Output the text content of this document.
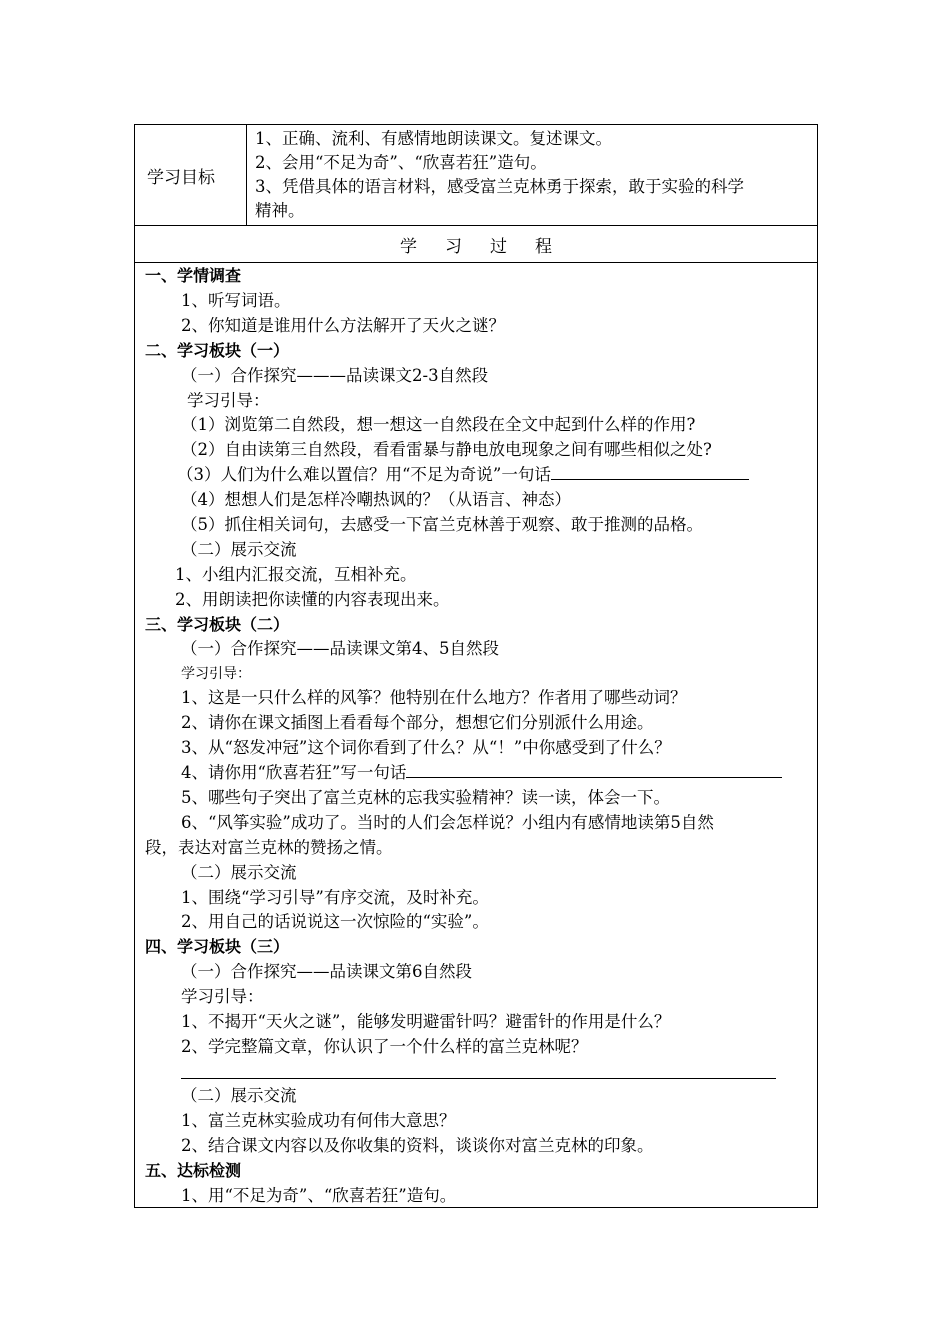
学习目标
1、正确、流利、有感情地朗读课文。复述课文。
2、会用“不足为奇”、“欣喜若狂”造句。
3、凭借具体的语言材料，感受富兰克林勇于探索，敢于实验的科学
精神。
学习过程
一、学情调查
1、听写词语。
2、你知道是谁用什么方法解开了天火之谜？
二、学习板块（一）
（一）合作探究———品读课文2-3自然段
学习引导：
（1）浏览第二自然段，想一想这一自然段在全文中起到什么样的作用?
（2）自由读第三自然段，看看雷暴与静电放电现象之间有哪些相似之处?
（3）人们为什么难以置信？用“不足为奇说”一句话
（4）想想人们是怎样冷嘲热讽的？（从语言、神态）
（5）抓住相关词句，去感受一下富兰克林善于观察、敢于推测的品格。
（二）展示交流
1、小组内汇报交流，互相补充。
2、用朗读把你读懂的内容表现出来。
三、学习板块（二）
（一）合作探究——品读课文第4、5自然段
学习引导：
1、这是一只什么样的风筝？他特别在什么地方？作者用了哪些动词？
2、请你在课文插图上看看每个部分，想想它们分别派什么用途。
3、从“怒发冲冠”这个词你看到了什么？从“！”中你感受到了什么？
4、请你用“欣喜若狂”写一句话
5、哪些句子突出了富兰克林的忘我实验精神？读一读，体会一下。
6、“风筝实验”成功了。当时的人们会怎样说？小组内有感情地读第5自然
段，表达对富兰克林的赞扬之情。
（二）展示交流
1、围绕“学习引导”有序交流，及时补充。
2、用自己的话说说这一次惊险的“实验”。
四、学习板块（三）
（一）合作探究——品读课文第6自然段
学习引导：
1、不揭开“天火之谜”，能够发明避雷针吗？避雷针的作用是什么？
2、学完整篇文章，你认识了一个什么样的富兰克林呢？
（二）展示交流
1、富兰克林实验成功有何伟大意思？
2、结合课文内容以及你收集的资料，谈谈你对富兰克林的印象。
五、达标检测
1、用“不足为奇”、“欣喜若狂”造句。
